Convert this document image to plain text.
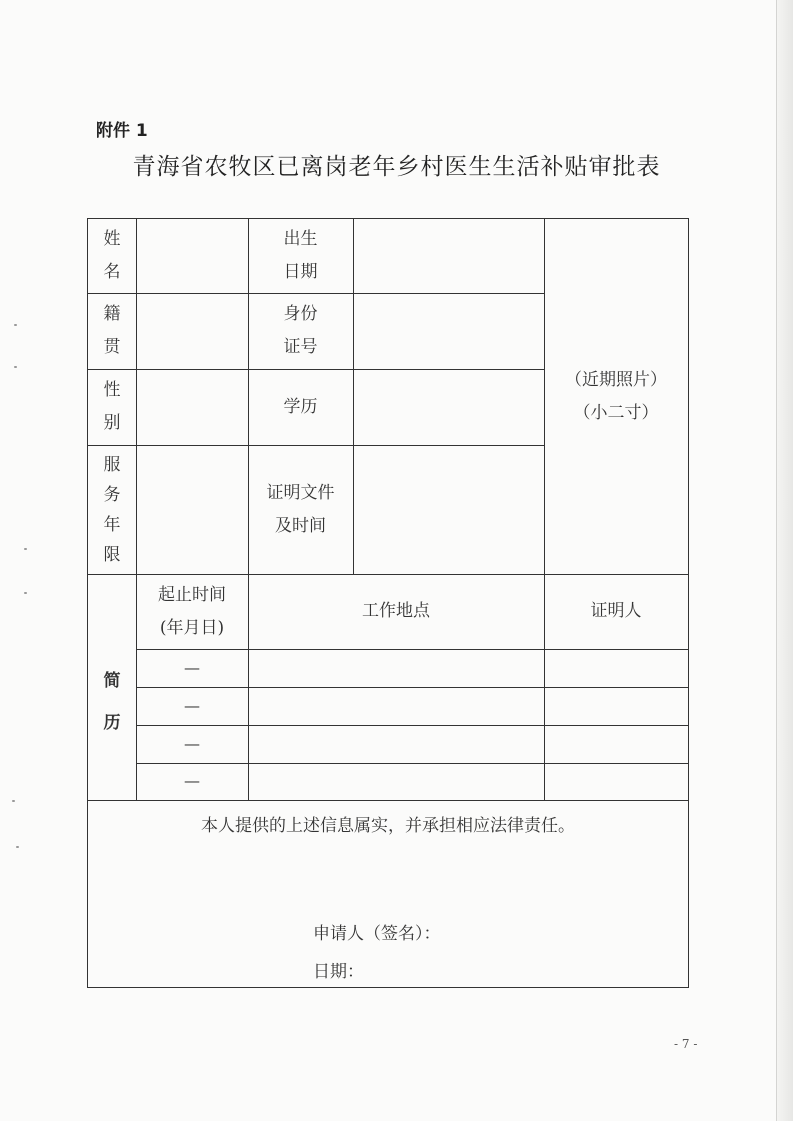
附件 1
青海省农牧区已离岗老年乡村医生生活补贴审批表
姓
名
出生
日期
（近期照片）
（小二寸）
籍
贯
身份
证号
性
别
学历
服
务
年
限
证明文件
及时间
简
历
起止时间
(年月日)
工作地点	证明人
—
—
—
—
本人提供的上述信息属实，并承担相应法律责任。
申请人（签名）：
日期：
- 7 -
